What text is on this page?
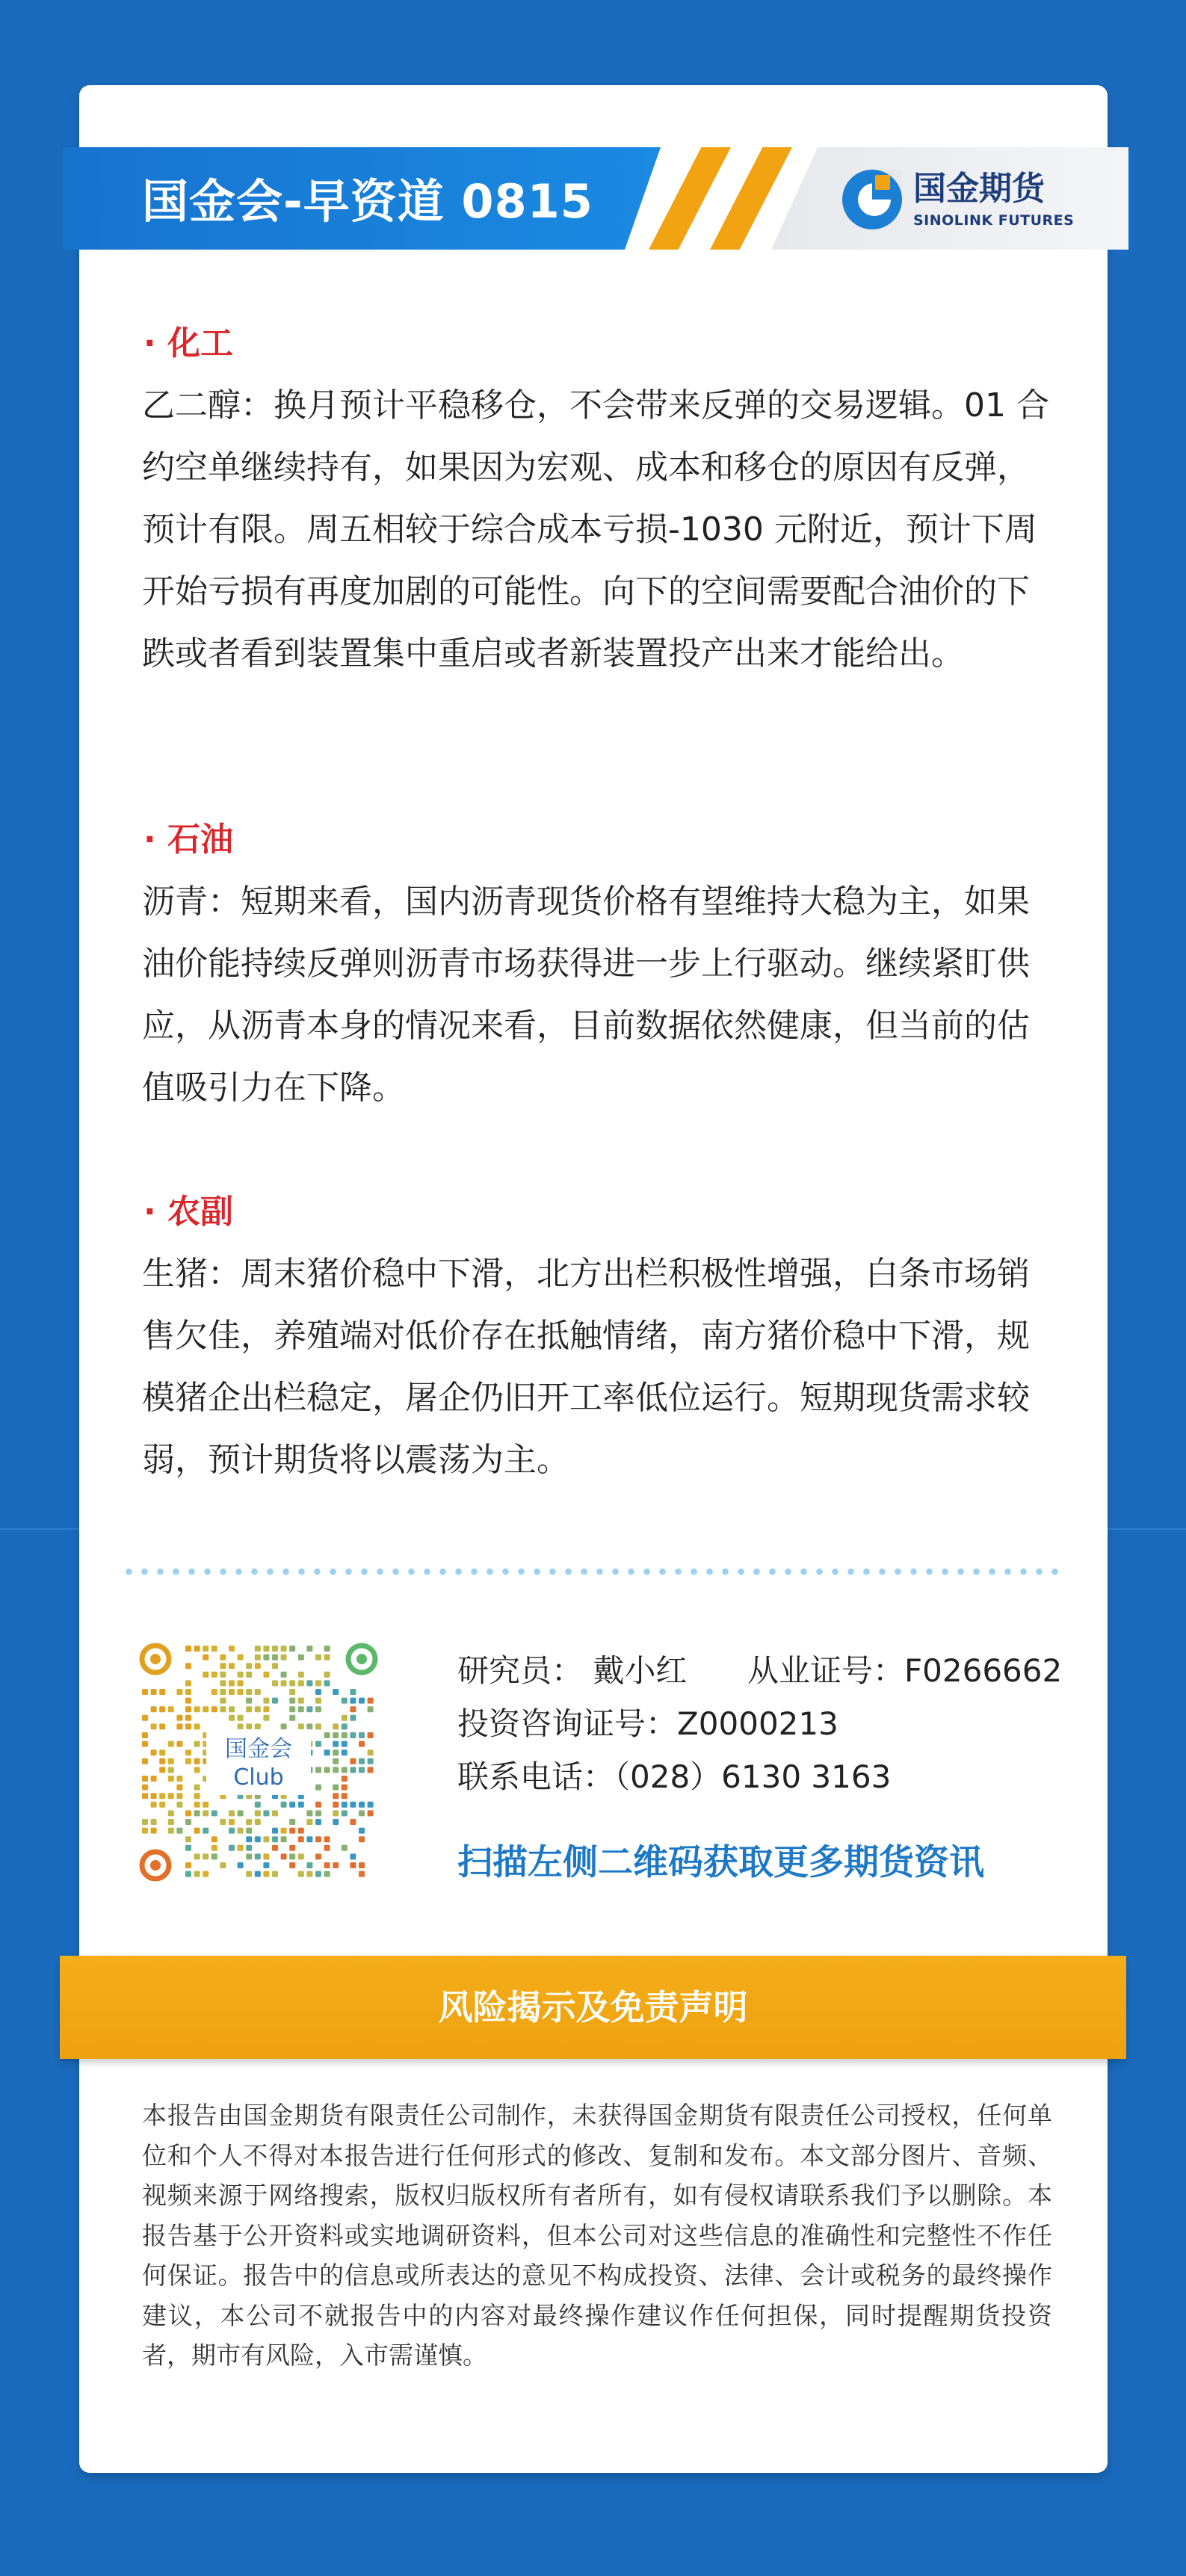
国金会-早资道 0815	国金期货
SINOLINK FUTURES
· 化工

乙二醇：换月预计平稳移仓，不会带来反弹的交易逻辑。01 合约空单继续持有，如果因为宏观、成本和移仓的原因有反弹，预计有限。周五相较于综合成本亏损-1030 元附近，预计下周开始亏损有再度加剧的可能性。向下的空间需要配合油价的下跌或者看到装置集中重启或者新装置投产出来才能给出。

· 石油

沥青：短期来看，国内沥青现货价格有望维持大稳为主，如果油价能持续反弹则沥青市场获得进一步上行驱动。继续紧盯供应，从沥青本身的情况来看，目前数据依然健康，但当前的估值吸引力在下降。

· 农副

生猪：周末猪价稳中下滑，北方出栏积极性增强，白条市场销售欠佳，养殖端对低价存在抵触情绪，南方猪价稳中下滑，规模猪企出栏稳定，屠企仍旧开工率低位运行。短期现货需求较弱，预计期货将以震荡为主。

国金会
Club
研究员： 戴小红 从业证号：F0266662
投资咨询证号：Z0000213
联系电话：（028）6130 3163
扫描左侧二维码获取更多期货资讯
风险揭示及免责声明

本报告由国金期货有限责任公司制作，未获得国金期货有限责任公司授权，任何单位和个人不得对本报告进行任何形式的修改、复制和发布。本文部分图片、音频、视频来源于网络搜索，版权归版权所有者所有，如有侵权请联系我们予以删除。本报告基于公开资料或实地调研资料，但本公司对这些信息的准确性和完整性不作任何保证。报告中的信息或所表达的意见不构成投资、法律、会计或税务的最终操作建议，本公司不就报告中的内容对最终操作建议作任何担保，同时提醒期货投资者，期市有风险，入市需谨慎。
